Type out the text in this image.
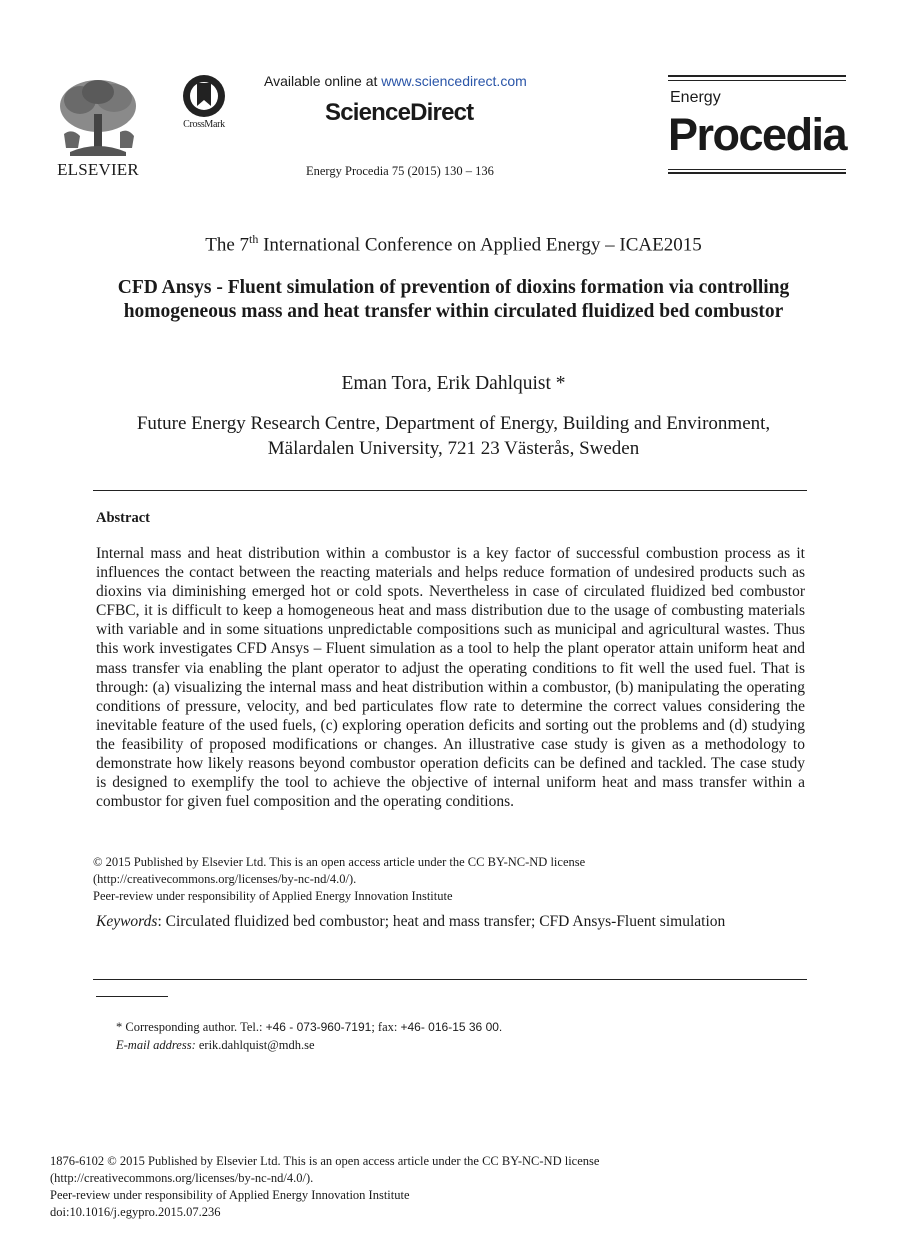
ELSEVIER
CrossMark
Available online at www.sciencedirect.com
ScienceDirect
Energy Procedia 75 (2015) 130 – 136
Energy
Procedia
The 7th International Conference on Applied Energy – ICAE2015
CFD Ansys - Fluent simulation of prevention of dioxins formation via controlling
homogeneous mass and heat transfer within circulated fluidized bed combustor
Eman Tora, Erik Dahlquist *
Future Energy Research Centre, Department of Energy, Building and Environment,
Mälardalen University, 721 23 Västerås, Sweden
Abstract
Internal mass and heat distribution within a combustor is a key factor of successful combustion process as it influences the contact between the reacting materials and helps reduce formation of undesired products such as dioxins via diminishing emerged hot or cold spots. Nevertheless in case of circulated fluidized bed combustor CFBC, it is difficult to keep a homogeneous heat and mass distribution due to the usage of combusting materials with variable and in some situations unpredictable compositions such as municipal and agricultural wastes. Thus this work investigates CFD Ansys – Fluent simulation as a tool to help the plant operator attain uniform heat and mass transfer via enabling the plant operator to adjust the operating conditions to fit well the used fuel. That is through: (a) visualizing the internal mass and heat distribution within a combustor, (b) manipulating the operating conditions of pressure, velocity, and bed particulates flow rate to determine the correct values considering the inevitable feature of the used fuels, (c) exploring operation deficits and sorting out the problems and (d) studying the feasibility of proposed modifications or changes. An illustrative case study is given as a methodology to demonstrate how likely reasons beyond combustor operation deficits can be defined and tackled. The case study is designed to exemplify the tool to achieve the objective of internal uniform heat and mass transfer within a combustor for given fuel composition and the operating conditions.
© 2015 Published by Elsevier Ltd. This is an open access article under the CC BY-NC-ND license
(http://creativecommons.org/licenses/by-nc-nd/4.0/).
Peer-review under responsibility of Applied Energy Innovation Institute
Keywords: Circulated fluidized bed combustor; heat and mass transfer; CFD Ansys-Fluent simulation
* Corresponding author. Tel.: +46 - 073-960-7191; fax: +46- 016-15 36 00.
E-mail address: erik.dahlquist@mdh.se
1876-6102 © 2015 Published by Elsevier Ltd. This is an open access article under the CC BY-NC-ND license
(http://creativecommons.org/licenses/by-nc-nd/4.0/).
Peer-review under responsibility of Applied Energy Innovation Institute
doi:10.1016/j.egypro.2015.07.236
